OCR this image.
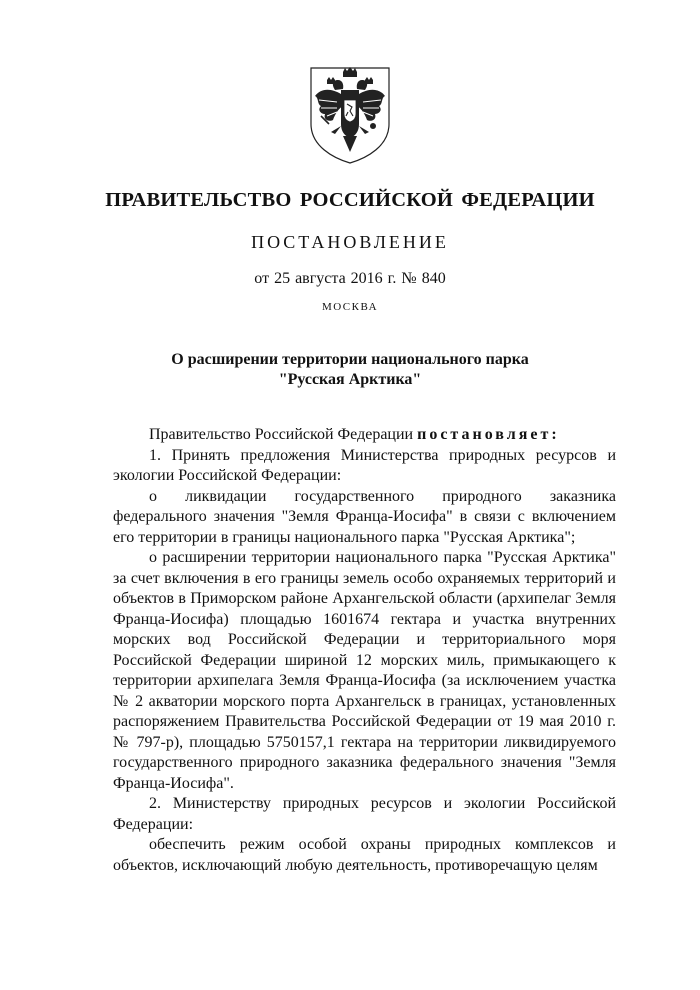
ПРАВИТЕЛЬСТВО РОССИЙСКОЙ ФЕДЕРАЦИИ
ПОСТАНОВЛЕНИЕ
от 25 августа 2016 г. № 840
МОСКВА
О расширении территории национального парка
"Русская Арктика"

Правительство Российской Федерации постановляет:

1. Принять предложения Министерства природных ресурсов и экологии Российской Федерации:

о ликвидации государственного природного заказника федерального значения "Земля Франца-Иосифа" в связи с включением его территории в границы национального парка "Русская Арктика";

о расширении территории национального парка "Русская Арктика" за счет включения в его границы земель особо охраняемых территорий и объектов в Приморском районе Архангельской области (архипелаг Земля Франца-Иосифа) площадью 1601674 гектара и участка внутренних морских вод Российской Федерации и территориального моря Российской Федерации шириной 12 морских миль, примыкающего к территории архипелага Земля Франца-Иосифа (за исключением участка № 2 акватории морского порта Архангельск в границах, установленных распоряжением Правительства Российской Федерации от 19 мая 2010 г. № 797-р), площадью 5750157,1 гектара на территории ликвидируемого государственного природного заказника федерального значения "Земля Франца-Иосифа".

2. Министерству природных ресурсов и экологии Российской Федерации:

обеспечить режим особой охраны природных комплексов и объектов, исключающий любую деятельность, противоречащую целям
